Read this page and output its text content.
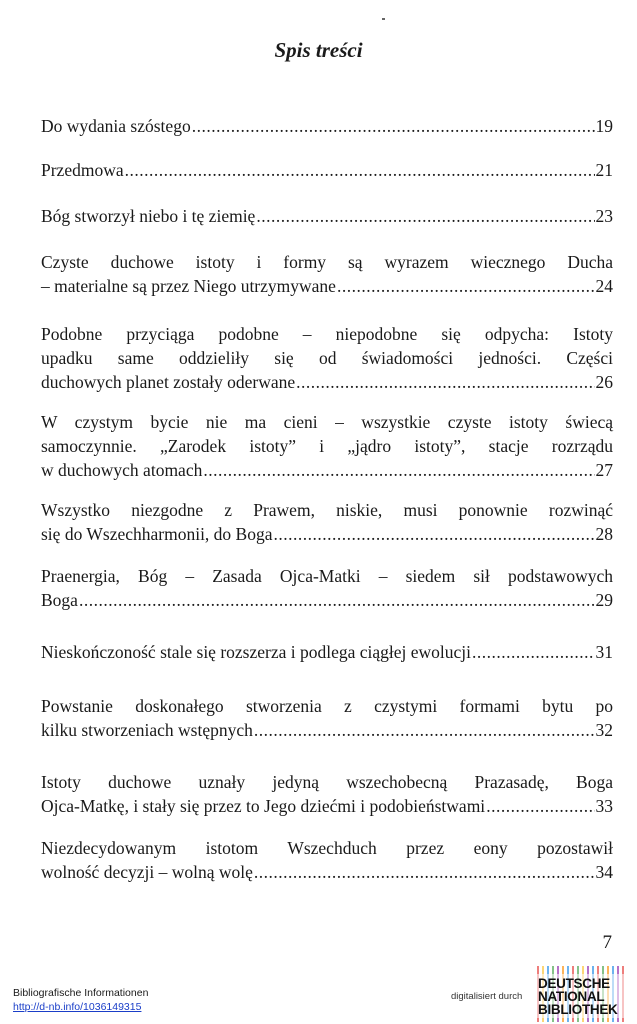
Spis treści
Do wydania szóstego .....	19
Przedmowa .....	21
Bóg stworzył niebo i tę ziemię .....	23
Czyste duchowe istoty i formy są wyrazem wiecznego Ducha
– materialne są przez Niego utrzymywane .....	24
Podobne przyciąga podobne – niepodobne się odpycha: Istoty
upadku same oddzieliły się od świadomości jedności. Części
duchowych planet zostały oderwane .....	26
W czystym bycie nie ma cieni – wszystkie czyste istoty świecą
samoczynnie. „Zarodek istoty” i „jądro istoty”, stacje rozrządu
w duchowych atomach .....	27
Wszystko niezgodne z Prawem, niskie, musi ponownie rozwinąć
się do Wszechharmonii, do Boga .....	28
Praenergia, Bóg – Zasada Ojca-Matki – siedem sił podstawowych
Boga .....	29
Nieskończoność stale się rozszerza i podlega ciągłej ewolucji .....	31
Powstanie doskonałego stworzenia z czystymi formami bytu po
kilku stworzeniach wstępnych .....	32
Istoty duchowe uznały jedyną wszechobecną Prazasadę, Boga
Ojca-Matkę, i stały się przez to Jego dziećmi i podobieństwami .....	33
Niezdecydowanym istotom Wszechduch przez eony pozostawił
wolność decyzji – wolną wolę .....	34
7
Bibliografische Informationen
http://d-nb.info/1036149315
digitalisiert durch
DEUTSCHE
NATIONAL
BIBLIOTHEK
